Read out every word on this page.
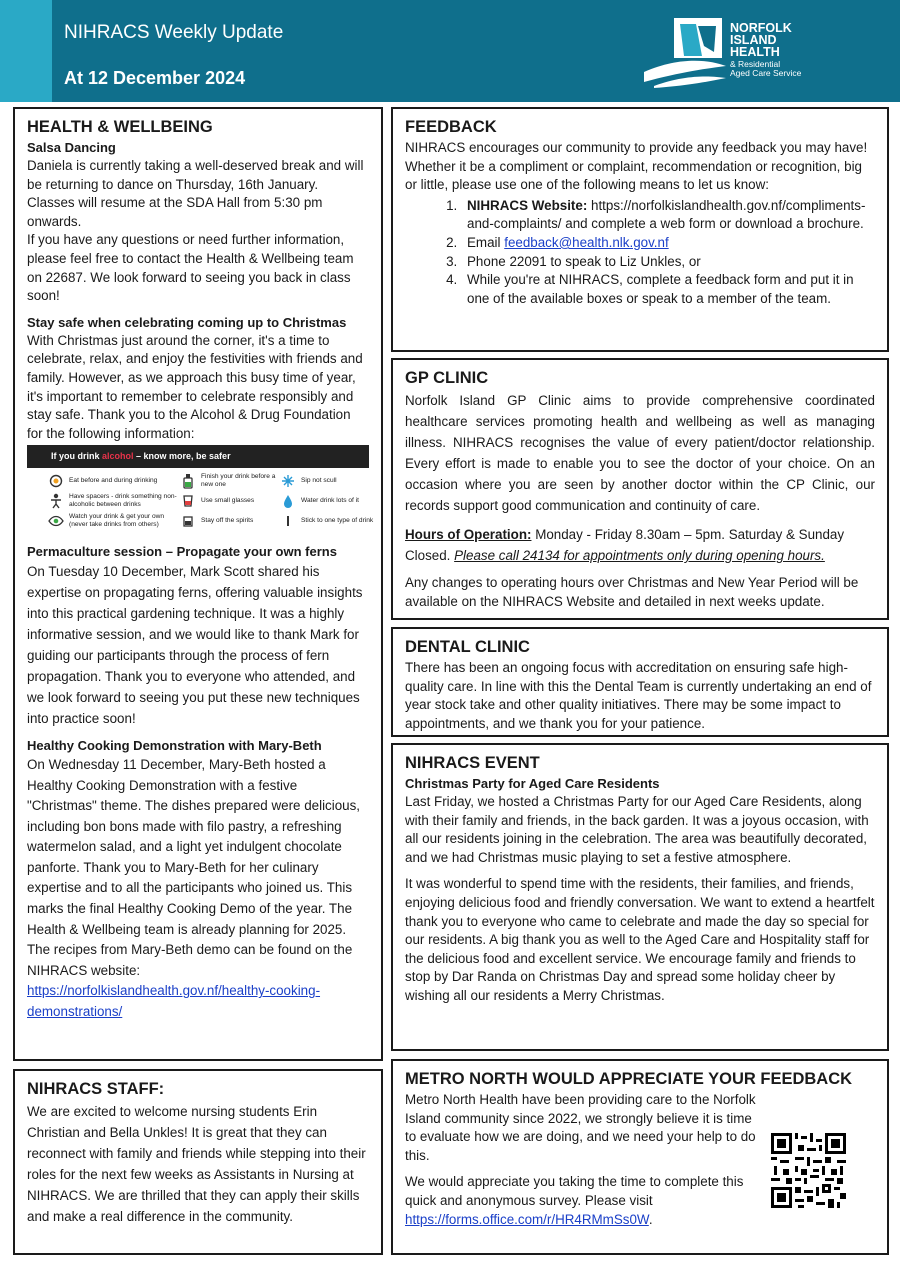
NIHRACS Weekly Update
At 12 December 2024
NORFOLK
ISLAND
HEALTH
& Residential
Aged Care Service
HEALTH & WELLBEING
Salsa Dancing

Daniela is currently taking a well-deserved break and will be returning to dance on Thursday, 16th January. Classes will resume at the SDA Hall from 5:30 pm onwards.

If you have any questions or need further information, please feel free to contact the Health & Wellbeing team on 22687. We look forward to seeing you back in class soon!

Stay safe when celebrating coming up to Christmas

With Christmas just around the corner, it's a time to celebrate, relax, and enjoy the festivities with friends and family. However, as we approach this busy time of year, it's important to remember to celebrate responsibly and stay safe. Thank you to the Alcohol & Drug Foundation for the following information:

If you drink alcohol – know more, be safer
Eat before and during drinking
Finish your drink before a new one
Sip not scull
Have spacers - drink something non-alcoholic between drinks
Use small glasses	Water drink lots of it
Watch your drink & get your own (never take drinks from others)
Stay off the spirits	Stick to one type of drink
Permaculture session – Propagate your own ferns

On Tuesday 10 December, Mark Scott shared his expertise on propagating ferns, offering valuable insights into this practical gardening technique. It was a highly informative session, and we would like to thank Mark for guiding our participants through the process of fern propagation. Thank you to everyone who attended, and we look forward to seeing you put these new techniques into practice soon!

Healthy Cooking Demonstration with Mary-Beth

On Wednesday 11 December, Mary-Beth hosted a Healthy Cooking Demonstration with a festive "Christmas" theme. The dishes prepared were delicious, including bon bons made with filo pastry, a refreshing watermelon salad, and a light yet indulgent chocolate panforte. Thank you to Mary-Beth for her culinary expertise and to all the participants who joined us. This marks the final Healthy Cooking Demo of the year. The Health & Wellbeing team is already planning for 2025. The recipes from Mary-Beth demo can be found on the NIHRACS website:

https://norfolkislandhealth.gov.nf/healthy-cooking-demonstrations/

NIHRACS STAFF:

We are excited to welcome nursing students Erin Christian and Bella Unkles! It is great that they can reconnect with family and friends while stepping into their roles for the next few weeks as Assistants in Nursing at NIHRACS. We are thrilled that they can apply their skills and make a real difference in the community.

FEEDBACK

NIHRACS encourages our community to provide any feedback you may have! Whether it be a compliment or complaint, recommendation or recognition, big or little, please use one of the following means to let us know:

1. NIHRACS Website: https://norfolkislandhealth.gov.nf/compliments-and-complaints/ and complete a web form or download a brochure.
2. Email feedback@health.nlk.gov.nf
3. Phone 22091 to speak to Liz Unkles, or
4. While you're at NIHRACS, complete a feedback form and put it in one of the available boxes or speak to a member of the team.
GP CLINIC

Norfolk Island GP Clinic aims to provide comprehensive coordinated healthcare services promoting health and wellbeing as well as managing illness. NIHRACS recognises the value of every patient/doctor relationship. Every effort is made to enable you to see the doctor of your choice. On an occasion where you are seen by another doctor within the CP Clinic, our records support good communication and continuity of care.

Hours of Operation: Monday - Friday 8.30am – 5pm. Saturday & Sunday Closed. Please call 24134 for appointments only during opening hours.

Any changes to operating hours over Christmas and New Year Period will be available on the NIHRACS Website and detailed in next weeks update.

DENTAL CLINIC

There has been an ongoing focus with accreditation on ensuring safe high-quality care. In line with this the Dental Team is currently undertaking an end of year stock take and other quality initiatives. There may be some impact to appointments, and we thank you for your patience.

NIHRACS EVENT
Christmas Party for Aged Care Residents

Last Friday, we hosted a Christmas Party for our Aged Care Residents, along with their family and friends, in the back garden. It was a joyous occasion, with all our residents joining in the celebration. The area was beautifully decorated, and we had Christmas music playing to set a festive atmosphere.

It was wonderful to spend time with the residents, their families, and friends, enjoying delicious food and friendly conversation. We want to extend a heartfelt thank you to everyone who came to celebrate and made the day so special for our residents. A big thank you as well to the Aged Care and Hospitality staff for the delicious food and excellent service. We encourage family and friends to stop by Dar Randa on Christmas Day and spread some holiday cheer by wishing all our residents a Merry Christmas.

METRO NORTH WOULD APPRECIATE YOUR FEEDBACK

Metro North Health have been providing care to the Norfolk Island community since 2022, we strongly believe it is time to evaluate how we are doing, and we need your help to do this.

We would appreciate you taking the time to complete this quick and anonymous survey. Please visit

https://forms.office.com/r/HR4RMmSs0W.
